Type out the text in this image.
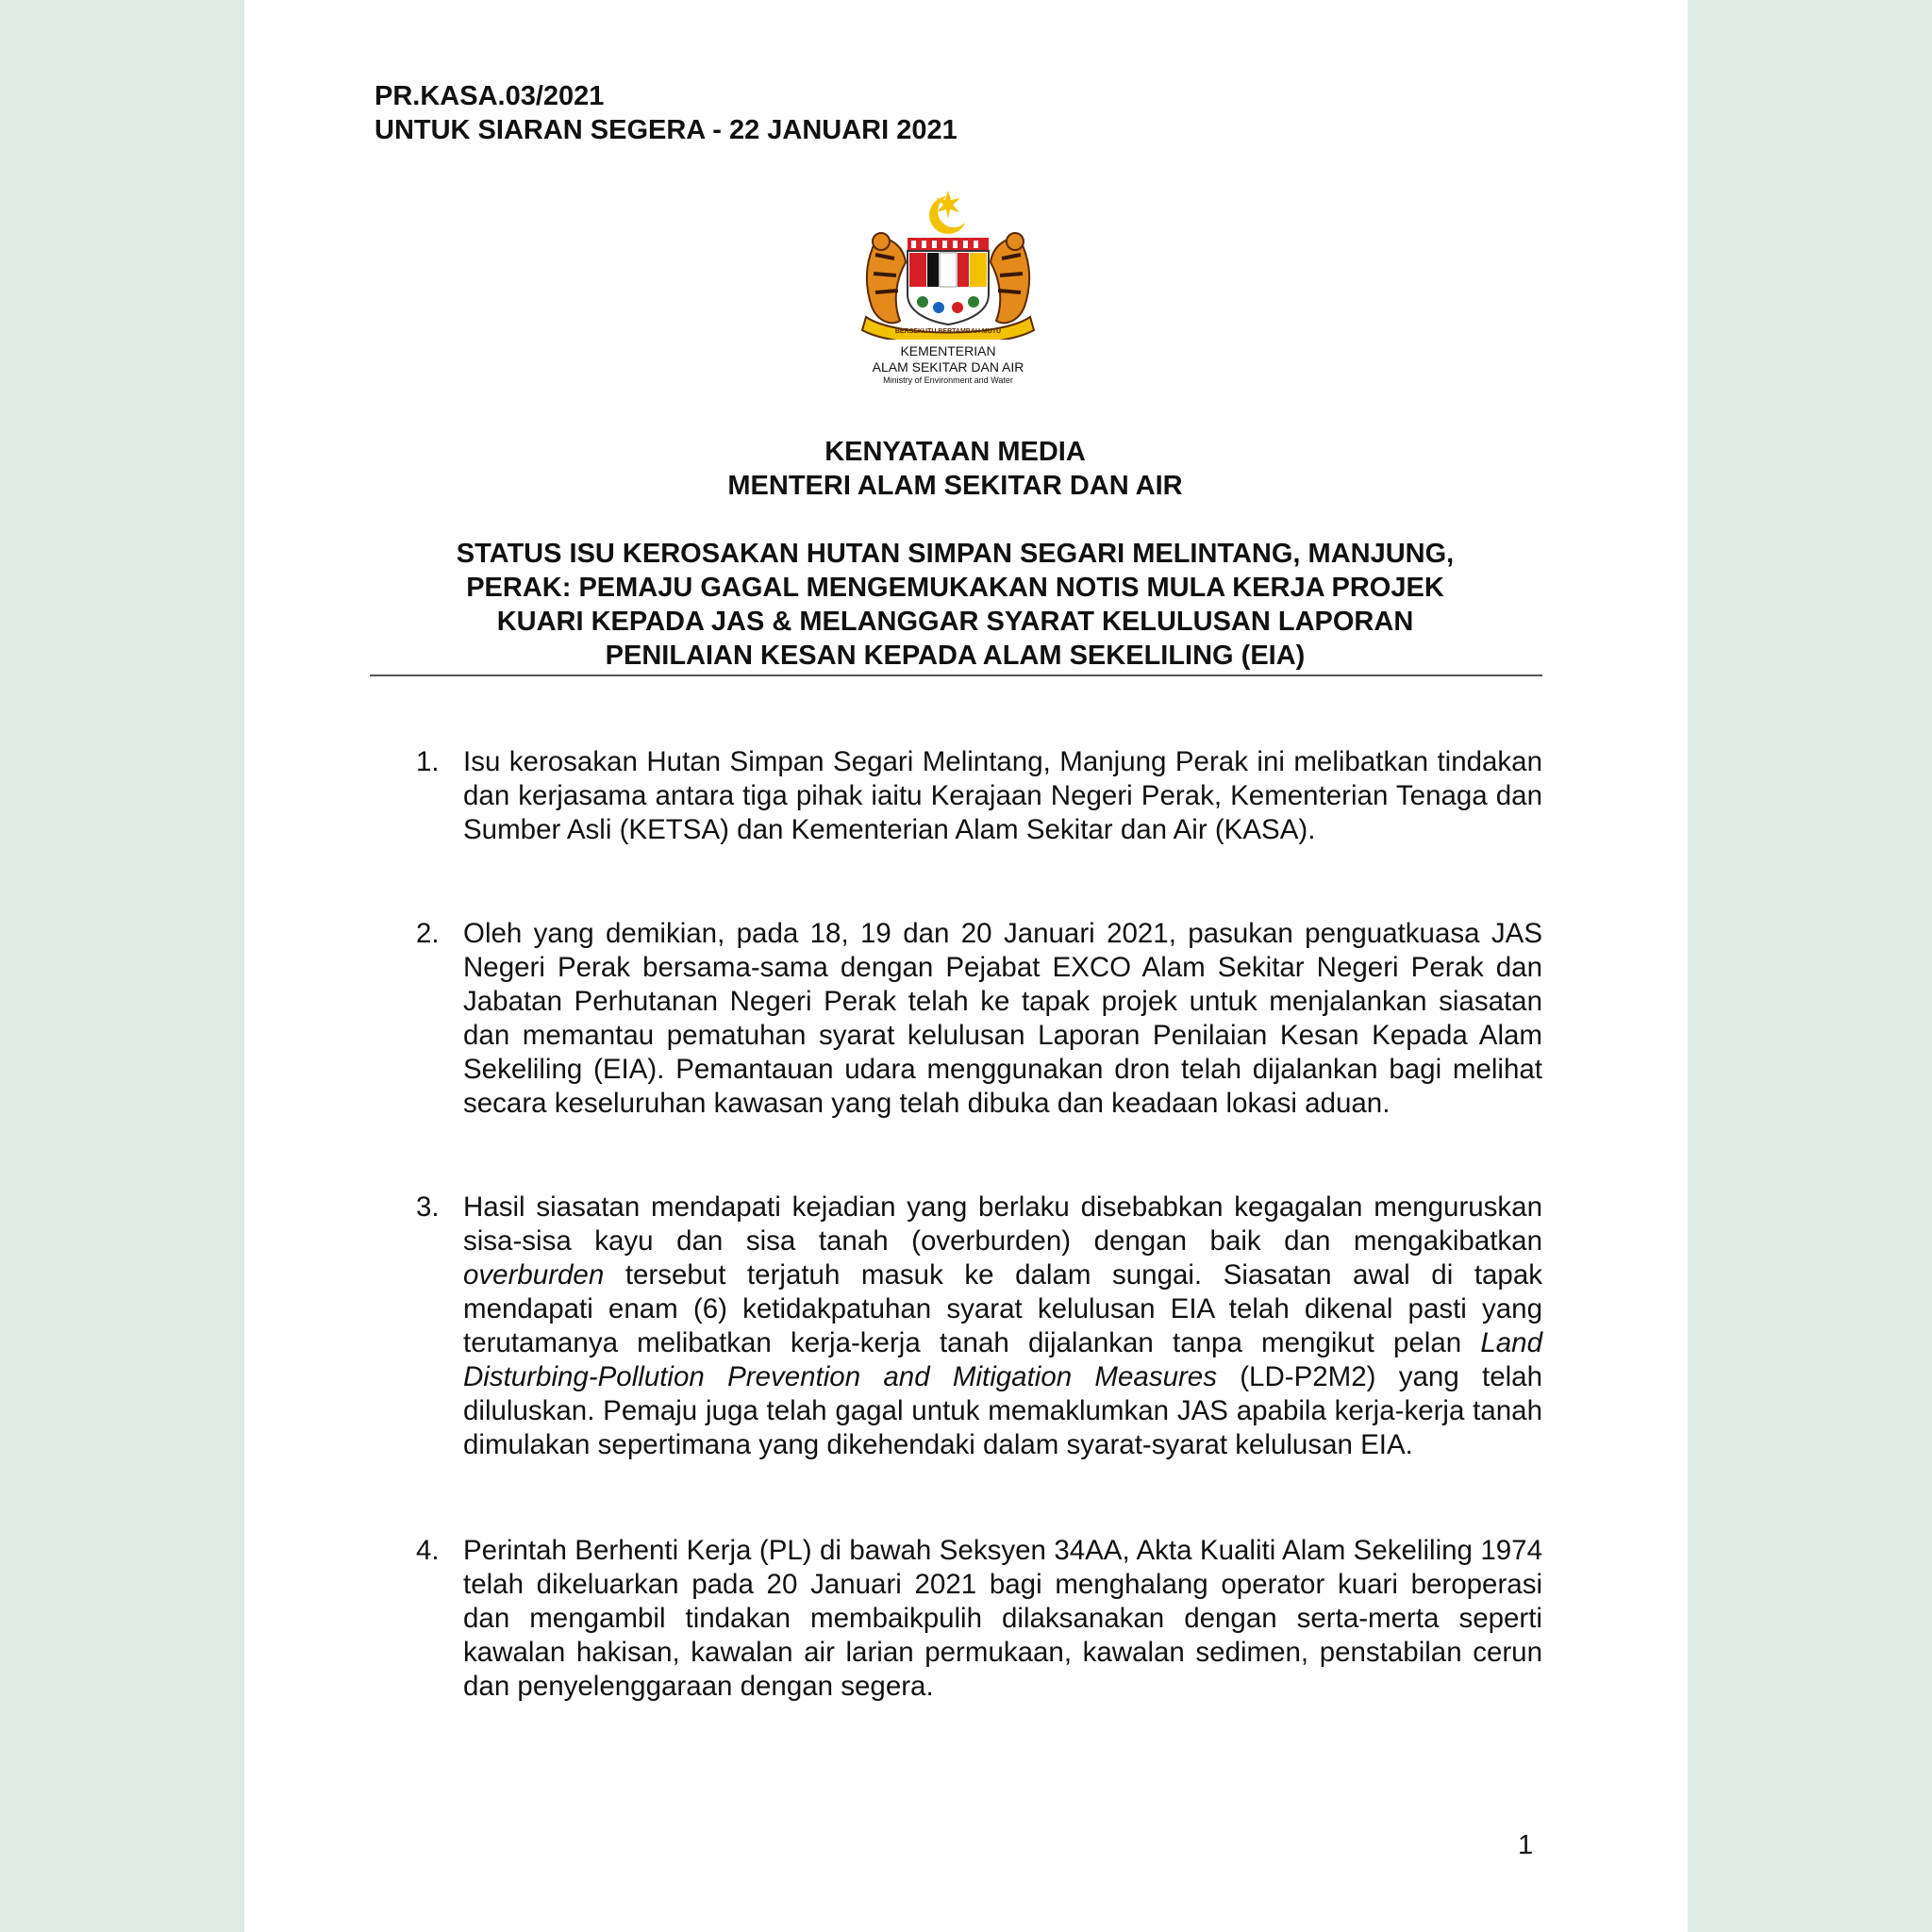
PR.KASA.03/2021
UNTUK SIARAN SEGERA - 22 JANUARI 2021
BERSEKUTU BERTAMBAH MUTU
KEMENTERIAN
ALAM SEKITAR DAN AIR
Ministry of Environment and Water
KENYATAAN MEDIA
MENTERI ALAM SEKITAR DAN AIR
STATUS ISU KEROSAKAN HUTAN SIMPAN SEGARI MELINTANG, MANJUNG,
PERAK: PEMAJU GAGAL MENGEMUKAKAN NOTIS MULA KERJA PROJEK
KUARI KEPADA JAS & MELANGGAR SYARAT KELULUSAN LAPORAN
PENILAIAN KESAN KEPADA ALAM SEKELILING (EIA)
1. Isu kerosakan Hutan Simpan Segari Melintang, Manjung Perak ini melibatkan tindakan dan kerjasama antara tiga pihak iaitu Kerajaan Negeri Perak, Kementerian Tenaga dan Sumber Asli (KETSA) dan Kementerian Alam Sekitar dan Air (KASA).
2. Oleh yang demikian, pada 18, 19 dan 20 Januari 2021, pasukan penguatkuasa JAS Negeri Perak bersama-sama dengan Pejabat EXCO Alam Sekitar Negeri Perak dan Jabatan Perhutanan Negeri Perak telah ke tapak projek untuk menjalankan siasatan dan memantau pematuhan syarat kelulusan Laporan Penilaian Kesan Kepada Alam Sekeliling (EIA). Pemantauan udara menggunakan dron telah dijalankan bagi melihat secara keseluruhan kawasan yang telah dibuka dan keadaan lokasi aduan.
3. Hasil siasatan mendapati kejadian yang berlaku disebabkan kegagalan menguruskan sisa-sisa kayu dan sisa tanah (overburden) dengan baik dan mengakibatkan overburden tersebut terjatuh masuk ke dalam sungai. Siasatan awal di tapak mendapati enam (6) ketidakpatuhan syarat kelulusan EIA telah dikenal pasti yang terutamanya melibatkan kerja-kerja tanah dijalankan tanpa mengikut pelan Land Disturbing-Pollution Prevention and Mitigation Measures (LD-P2M2) yang telah diluluskan. Pemaju juga telah gagal untuk memaklumkan JAS apabila kerja-kerja tanah dimulakan sepertimana yang dikehendaki dalam syarat-syarat kelulusan EIA.
4. Perintah Berhenti Kerja (PL) di bawah Seksyen 34AA, Akta Kualiti Alam Sekeliling 1974 telah dikeluarkan pada 20 Januari 2021 bagi menghalang operator kuari beroperasi dan mengambil tindakan membaikpulih dilaksanakan dengan serta-merta seperti kawalan hakisan, kawalan air larian permukaan, kawalan sedimen, penstabilan cerun dan penyelenggaraan dengan segera.
1
